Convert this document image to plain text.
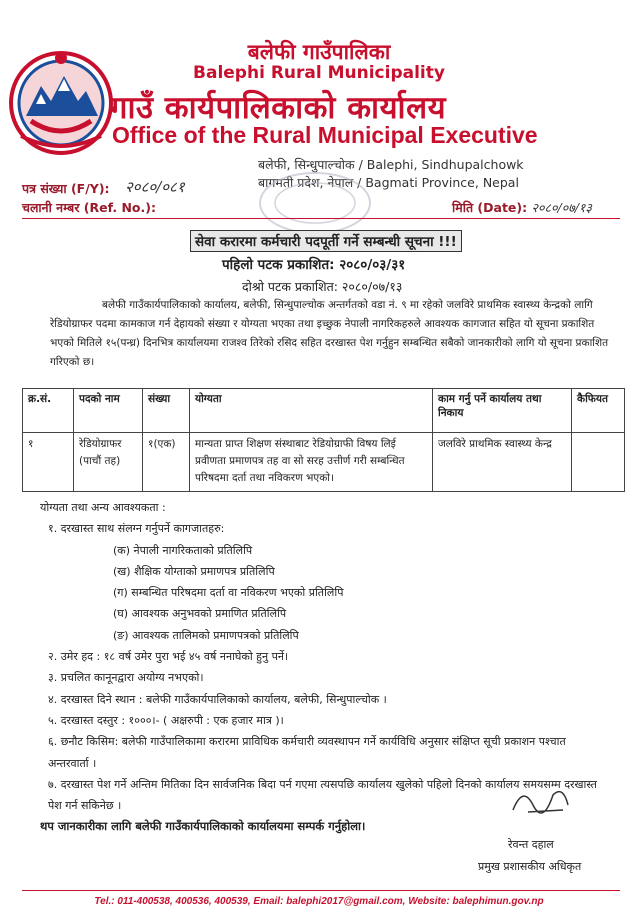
बलेफी गाउँपालिका
Balephi Rural Municipality
गाउँ कार्यपालिकाको कार्यालय
Office of the Rural Municipal Executive
बलेफी, सिन्धुपाल्चोक / Balephi, Sindhupalchowk
बागमती प्रदेश, नेपाल / Bagmati Province, Nepal
पत्र संख्या (F/Y): २०८०/०८१
चलानी नम्बर (Ref. No.):	मिति (Date): २०८०/०७/१३
सेवा करारमा कर्मचारी पदपूर्ती गर्ने सम्बन्धी सूचना !!!
पहिलो पटक प्रकाशित: २०८०/०३/३१
दोश्रो पटक प्रकाशित: २०८०/०७/१३
बलेफी गाउँकार्यपालिकाको कार्यालय, बलेफी, सिन्धुपाल्चोक अन्तर्गतको वडा नं. ९ मा रहेको जलविरे प्राथमिक स्वास्थ्य केन्द्रको लागि रेडियोग्राफर पदमा कामकाज गर्न देहायको संख्या र योग्यता भएका तथा इच्छुक नेपाली नागरिकहरुले आवश्यक कागजात सहित यो सूचना प्रकाशित भएको मितिले १५(पन्ध्र) दिनभित्र कार्यालयमा राजश्व तिरेको रसिद सहित दरखास्त पेश गर्नुहुन सम्बन्धित सबैको जानकारीको लागि यो सूचना प्रकाशित गरिएको छ।
क्र.सं.	पदको नाम	संख्या	योग्यता	काम गर्नु पर्ने कार्यालय तथा निकाय	कैफियत
१	रेडियोग्राफर (पाचौं तह)	१(एक)	मान्यता प्राप्त शिक्षण संस्थाबाट रेडियोग्राफी विषय लिई प्रवीणता प्रमाणपत्र तह वा सो सरह उत्तीर्ण गरी सम्बन्धित परिषदमा दर्ता तथा नविकरण भएको।	जलविरे प्राथमिक स्वास्थ्य केन्द्र	
योग्यता तथा अन्य आवश्यकता :
१. दरखास्त साथ संलग्न गर्नुपर्ने कागजातहरु:
(क) नेपाली नागरिकताको प्रतिलिपि
(ख) शैक्षिक योग्ताको प्रमाणपत्र प्रतिलिपि
(ग) सम्बन्धित परिषदमा दर्ता वा नविकरण भएको प्रतिलिपि
(घ) आवश्यक अनुभवको प्रमाणित प्रतिलिपि
(ङ) आवश्यक तालिमको प्रमाणपत्रको प्रतिलिपि
२. उमेर हद : १८ वर्ष उमेर पुरा भई ४५ वर्ष ननाघेको हुनु पर्ने।
३. प्रचलित कानूनद्वारा अयोग्य नभएको।
४. दरखास्त दिने स्थान : बलेफी गाउँकार्यपालिकाको कार्यालय, बलेफी, सिन्धुपाल्चोक ।
५. दरखास्त दस्तुर : १०००।- ( अक्षरुपी : एक हजार मात्र )।
६. छनौट किसिम: बलेफी गाउँपालिकामा करारमा प्राविधिक कर्मचारी व्यवस्थापन गर्ने कार्यविधि अनुसार संक्षिप्त सूची प्रकाशन पश्चात अन्तरवार्ता ।
७. दरखास्त पेश गर्ने अन्तिम मितिका दिन सार्वजनिक बिदा पर्न गएमा त्यसपछि कार्यालय खुलेको पहिलो दिनको कार्यालय समयसम्म दरखास्त पेश गर्न सकिनेछ ।
थप जानकारीका लागि बलेफी गाउँकार्यपालिकाको कार्यालयमा सम्पर्क गर्नुहोला।
रेवन्त दहाल
प्रमुख प्रशासकीय अधिकृत
Tel.: 011-400538, 400536, 400539, Email: balephi2017@gmail.com, Website: balephimun.gov.np
